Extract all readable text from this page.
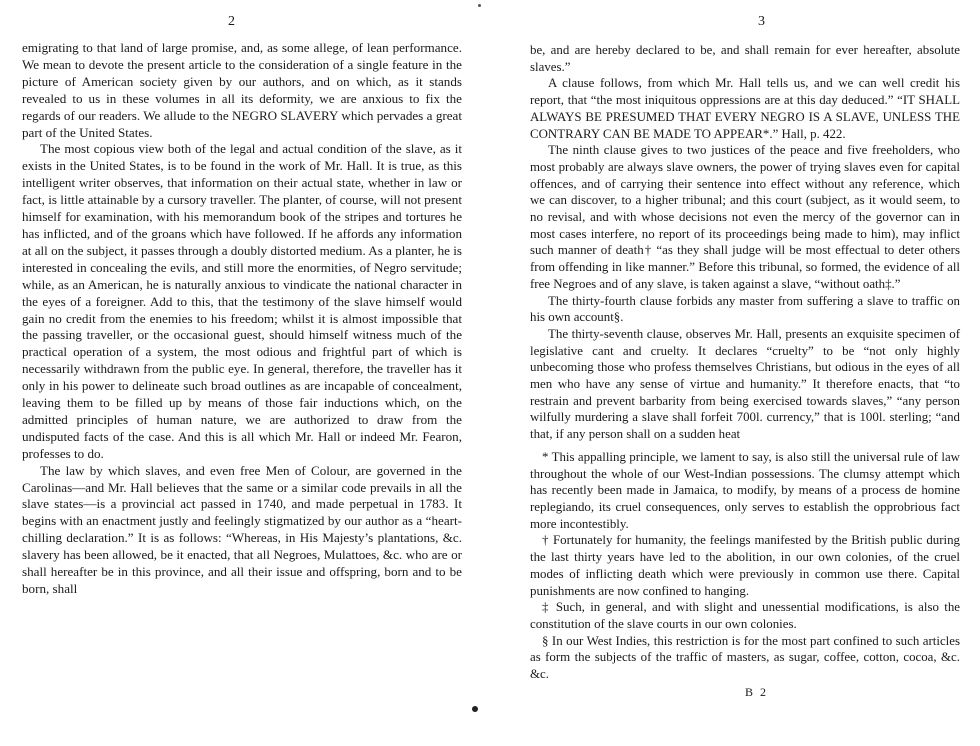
2

emigrating to that land of large promise, and, as some allege, of lean performance. We mean to devote the present article to the consideration of a single feature in the picture of American society given by our authors, and on which, as it stands revealed to us in these volumes in all its deformity, we are anxious to fix the regards of our readers. We allude to the NEGRO SLAVERY which pervades a great part of the United States.

The most copious view both of the legal and actual condition of the slave, as it exists in the United States, is to be found in the work of Mr. Hall. It is true, as this intelligent writer observes, that information on their actual state, whether in law or fact, is little attainable by a cursory traveller. The planter, of course, will not present himself for examination, with his memorandum book of the stripes and tortures he has inflicted, and of the groans which have followed. If he affords any information at all on the subject, it passes through a doubly distorted medium. As a planter, he is interested in concealing the evils, and still more the enormities, of Negro servitude; while, as an American, he is naturally anxious to vindicate the national character in the eyes of a foreigner. Add to this, that the testimony of the slave himself would gain no credit from the enemies to his freedom; whilst it is almost impossible that the passing traveller, or the occasional guest, should himself witness much of the practical operation of a system, the most odious and frightful part of which is necessarily withdrawn from the public eye. In general, therefore, the traveller has it only in his power to delineate such broad outlines as are incapable of concealment, leaving them to be filled up by means of those fair inductions which, on the admitted principles of human nature, we are authorized to draw from the undisputed facts of the case. And this is all which Mr. Hall or indeed Mr. Fearon, professes to do.

The law by which slaves, and even free Men of Colour, are governed in the Carolinas—and Mr. Hall believes that the same or a similar code prevails in all the slave states—is a provincial act passed in 1740, and made perpetual in 1783. It begins with an enactment justly and feelingly stigmatized by our author as a “heart-chilling declaration.” It is as follows: “Whereas, in His Majesty’s plantations, &c. slavery has been allowed, be it enacted, that all Negroes, Mulattoes, &c. who are or shall hereafter be in this province, and all their issue and offspring, born and to be born, shall

3

be, and are hereby declared to be, and shall remain for ever hereafter, absolute slaves.”

A clause follows, from which Mr. Hall tells us, and we can well credit his report, that “the most iniquitous oppressions are at this day deduced.” “IT SHALL ALWAYS BE PRESUMED THAT EVERY NEGRO IS A SLAVE, UNLESS THE CONTRARY CAN BE MADE TO APPEAR*.” Hall, p. 422.

The ninth clause gives to two justices of the peace and five freeholders, who most probably are always slave owners, the power of trying slaves even for capital offences, and of carrying their sentence into effect without any reference, which we can discover, to a higher tribunal; and this court (subject, as it would seem, to no revisal, and with whose decisions not even the mercy of the governor can in most cases interfere, no report of its proceedings being made to him), may inflict such manner of death† “as they shall judge will be most effectual to deter others from offending in like manner.” Before this tribunal, so formed, the evidence of all free Negroes and of any slave, is taken against a slave, “without oath‡.”

The thirty-fourth clause forbids any master from suffering a slave to traffic on his own account§.

The thirty-seventh clause, observes Mr. Hall, presents an exquisite specimen of legislative cant and cruelty. It declares “cruelty” to be “not only highly unbecoming those who profess themselves Christians, but odious in the eyes of all men who have any sense of virtue and humanity.” It therefore enacts, that “to restrain and prevent barbarity from being exercised towards slaves,” “any person wilfully murdering a slave shall forfeit 700l. currency,” that is 100l. sterling; “and that, if any person shall on a sudden heat

* This appalling principle, we lament to say, is also still the universal rule of law throughout the whole of our West-Indian possessions. The clumsy attempt which has recently been made in Jamaica, to modify, by means of a process de homine replegiando, its cruel consequences, only serves to establish the opprobrious fact more incontestibly.

† Fortunately for humanity, the feelings manifested by the British public during the last thirty years have led to the abolition, in our own colonies, of the cruel modes of inflicting death which were previously in common use there. Capital punishments are now confined to hanging.

‡ Such, in general, and with slight and unessential modifications, is also the constitution of the slave courts in our own colonies.

§ In our West Indies, this restriction is for the most part confined to such articles as form the subjects of the traffic of masters, as sugar, coffee, cotton, cocoa, &c. &c.

B 2
